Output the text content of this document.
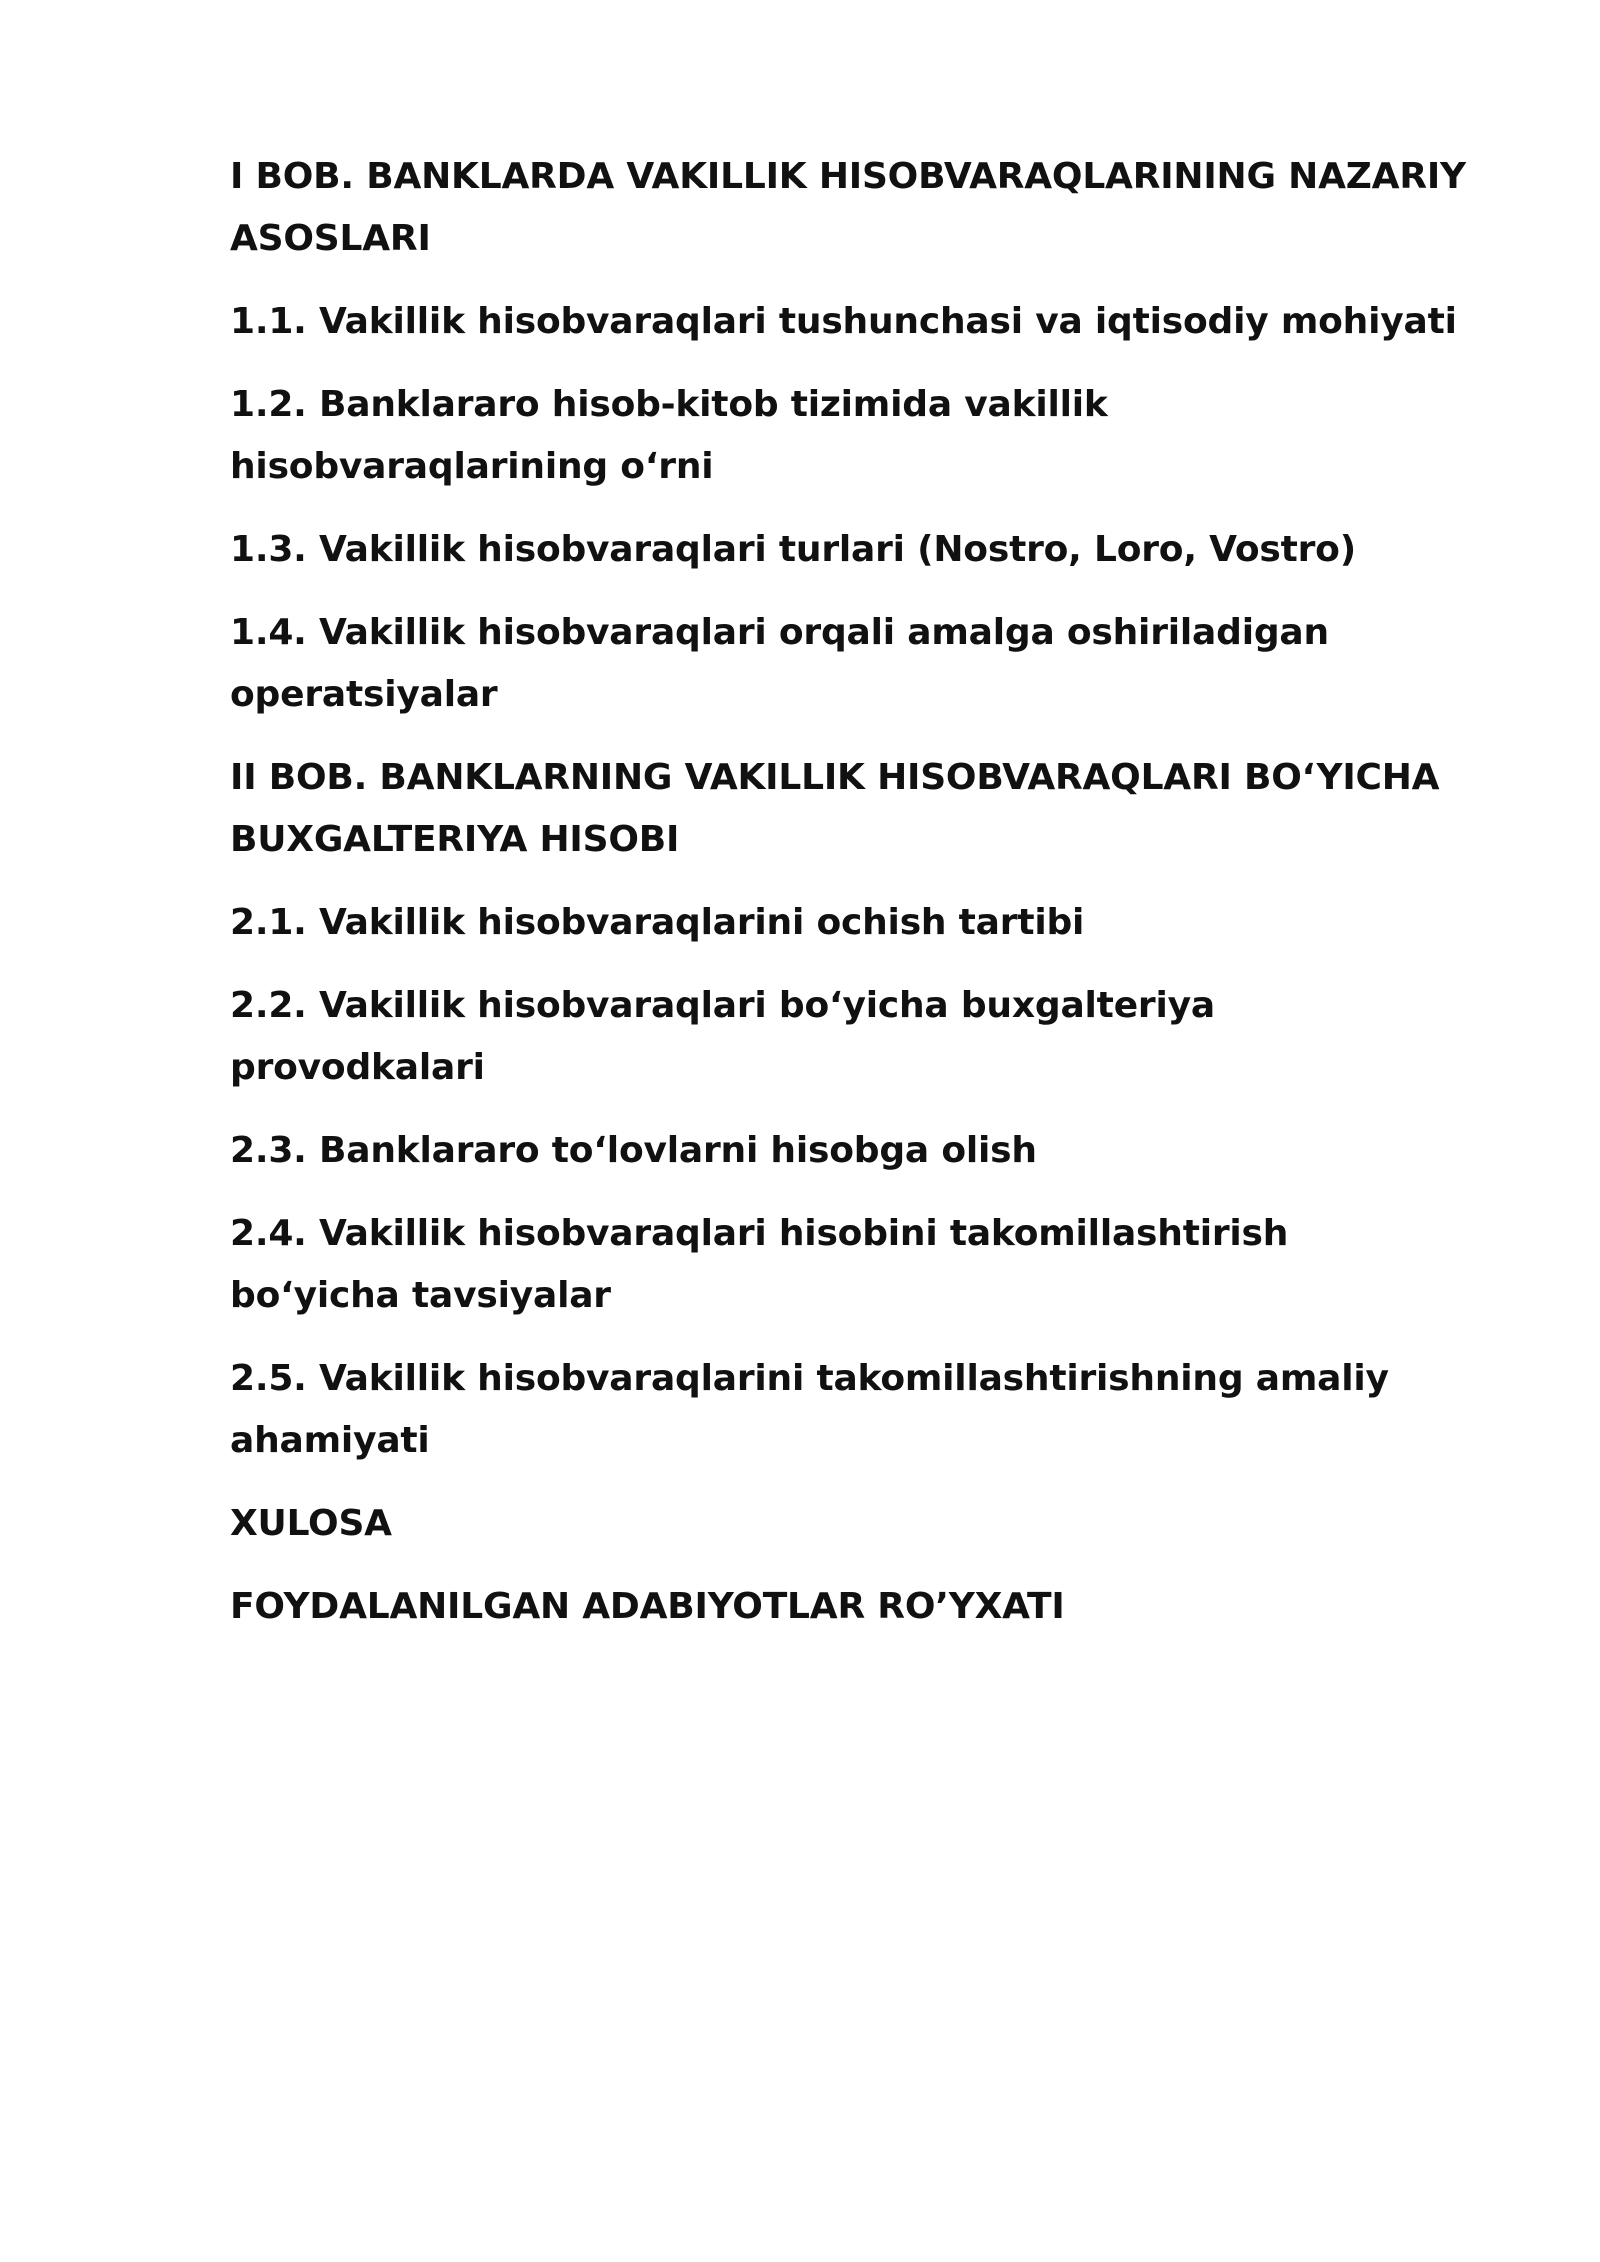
I BOB. BANKLARDA VAKILLIK HISOBVARAQLARINING NAZARIY ASOSLARI
1.1. Vakillik hisobvaraqlari tushunchasi va iqtisodiy mohiyati
1.2. Banklararo hisob-kitob tizimida vakillik hisobvaraqlarining oʻrni
1.3. Vakillik hisobvaraqlari turlari (Nostro, Loro, Vostro)
1.4. Vakillik hisobvaraqlari orqali amalga oshiriladigan operatsiyalar
II BOB. BANKLARNING VAKILLIK HISOBVARAQLARI BOʻYICHA BUXGALTERIYA HISOBI
2.1. Vakillik hisobvaraqlarini ochish tartibi
2.2. Vakillik hisobvaraqlari boʻyicha buxgalteriya provodkalari
2.3. Banklararo toʻlovlarni hisobga olish
2.4. Vakillik hisobvaraqlari hisobini takomillashtirish boʻyicha tavsiyalar
2.5. Vakillik hisobvaraqlarini takomillashtirishning amaliy ahamiyati
XULOSA
FOYDALANILGAN ADABIYOTLAR RO’YXATI
